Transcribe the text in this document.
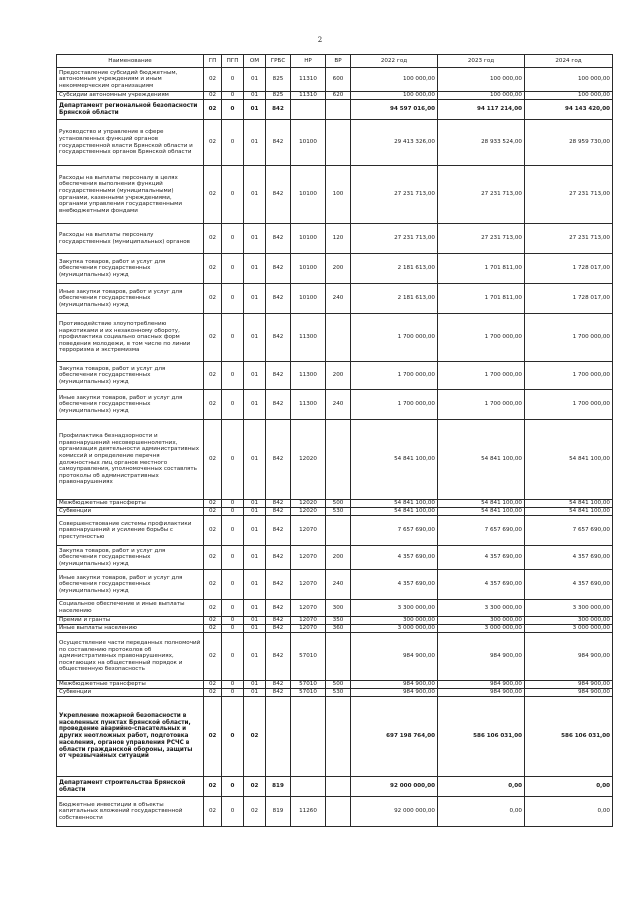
2
Наименование	ГП	ПГП	ОМ	ГРБС	НР	ВР	2022 год	2023 год	2024 год
Предоставление субсидий бюджетным, автономным учреждениям и иным некоммерческим организациям	02	0	01	825	11310	600	100 000,00	100 000,00	100 000,00
Субсидии автономным учреждениям	02	0	01	825	11310	620	100 000,00	100 000,00	100 000,00
Департамент региональной безопасности Брянской области	02	0	01	842			94 597 016,00	94 117 214,00	94 143 420,00
Руководство и управление в сфере установленных функций органов государственной власти Брянской области и государственных органов Брянской области	02	0	01	842	10100		29 413 326,00	28 933 524,00	28 959 730,00
Расходы на выплаты персоналу в целях обеспечения выполнения функций государственными (муниципальными) органами, казенными учреждениями, органами управления государственными внебюджетными фондами	02	0	01	842	10100	100	27 231 713,00	27 231 713,00	27 231 713,00
Расходы на выплаты персоналу государственных (муниципальных) органов	02	0	01	842	10100	120	27 231 713,00	27 231 713,00	27 231 713,00
Закупка товаров, работ и услуг для обеспечения государственных (муниципальных) нужд	02	0	01	842	10100	200	2 181 613,00	1 701 811,00	1 728 017,00
Иные закупки товаров, работ и услуг для обеспечения государственных (муниципальных) нужд	02	0	01	842	10100	240	2 181 613,00	1 701 811,00	1 728 017,00
Противодействие злоупотреблению наркотиками и их незаконному обороту, профилактика социально опасных форм поведения молодежи, в том числе по линии терроризма и экстремизма	02	0	01	842	11300		1 700 000,00	1 700 000,00	1 700 000,00
Закупка товаров, работ и услуг для обеспечения государственных (муниципальных) нужд	02	0	01	842	11300	200	1 700 000,00	1 700 000,00	1 700 000,00
Иные закупки товаров, работ и услуг для обеспечения государственных (муниципальных) нужд	02	0	01	842	11300	240	1 700 000,00	1 700 000,00	1 700 000,00
Профилактика безнадзорности и правонарушений несовершеннолетних, организация деятельности административных комиссий и определение перечня должностных лиц органов местного самоуправления, уполномоченных составлять протоколы об административных правонарушениях	02	0	01	842	12020		54 841 100,00	54 841 100,00	54 841 100,00
Межбюджетные трансферты	02	0	01	842	12020	500	54 841 100,00	54 841 100,00	54 841 100,00
Субвенции	02	0	01	842	12020	530	54 841 100,00	54 841 100,00	54 841 100,00
Совершенствование системы профилактики правонарушений и усиление борьбы с преступностью	02	0	01	842	12070		7 657 690,00	7 657 690,00	7 657 690,00
Закупка товаров, работ и услуг для обеспечения государственных (муниципальных) нужд	02	0	01	842	12070	200	4 357 690,00	4 357 690,00	4 357 690,00
Иные закупки товаров, работ и услуг для обеспечения государственных (муниципальных) нужд	02	0	01	842	12070	240	4 357 690,00	4 357 690,00	4 357 690,00
Социальное обеспечение и иные выплаты населению	02	0	01	842	12070	300	3 300 000,00	3 300 000,00	3 300 000,00
Премии и гранты	02	0	01	842	12070	350	300 000,00	300 000,00	300 000,00
Иные выплаты населению	02	0	01	842	12070	360	3 000 000,00	3 000 000,00	3 000 000,00
Осуществление части переданных полномочий по составлению протоколов об административных правонарушениях, посягающих на общественный порядок и общественную безопасность	02	0	01	842	57010		984 900,00	984 900,00	984 900,00
Межбюджетные трансферты	02	0	01	842	57010	500	984 900,00	984 900,00	984 900,00
Субвенции	02	0	01	842	57010	530	984 900,00	984 900,00	984 900,00
Укрепление пожарной безопасности в населенных пунктах Брянской области, проведение аварийно-спасательных и других неотложных работ, подготовка населения, органов управления РСЧС в области гражданской обороны, защиты от чрезвычайных ситуаций	02	0	02				697 198 764,00	586 106 031,00	586 106 031,00
Департамент строительства Брянской области	02	0	02	819			92 000 000,00	0,00	0,00
Бюджетные инвестиции в объекты капитальных вложений государственной собственности	02	0	02	819	11260		92 000 000,00	0,00	0,00
